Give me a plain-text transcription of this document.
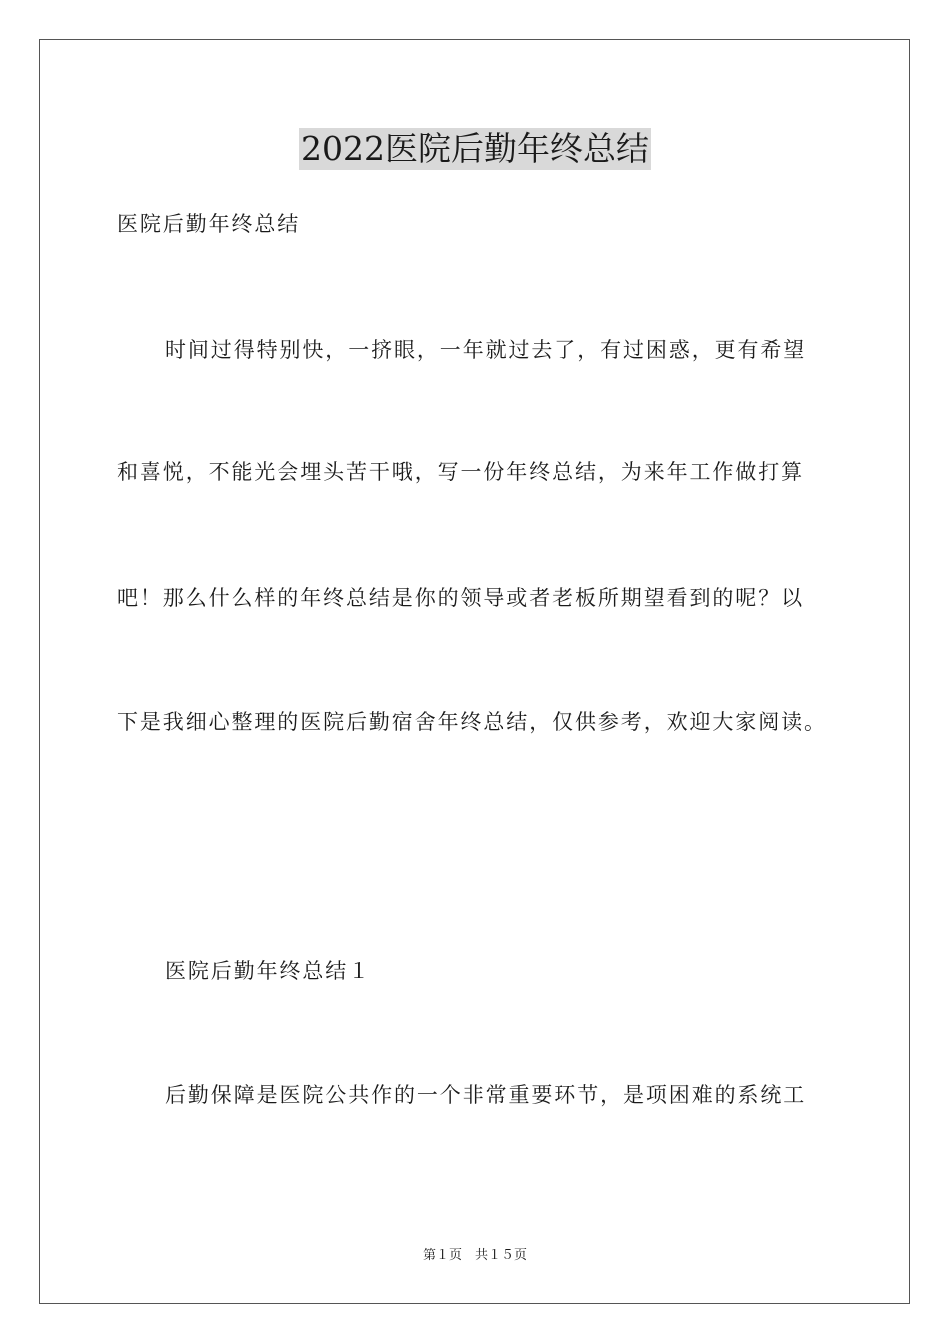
2022医院后勤年终总结

医院后勤年终总结

时间过得特别快，一挤眼，一年就过去了，有过困惑，更有希望

和喜悦，不能光会埋头苦干哦，写一份年终总结，为来年工作做打算

吧！那么什么样的年终总结是你的领导或者老板所期望看到的呢？以

下是我细心整理的医院后勤宿舍年终总结，仅供参考，欢迎大家阅读。

医院后勤年终总结１

后勤保障是医院公共作的一个非常重要环节，是项困难的系统工

第１页　共１５页
